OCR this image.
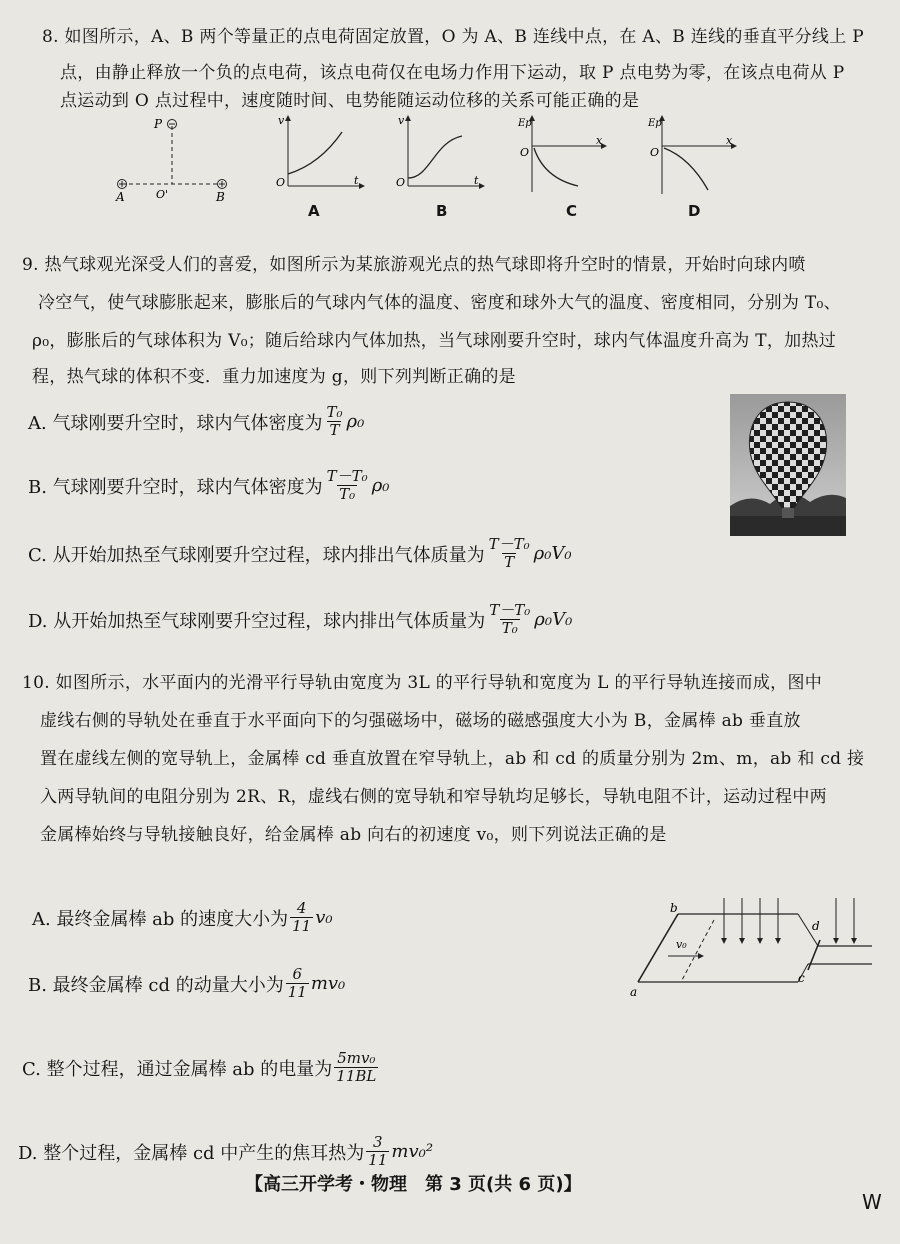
8. 如图所示，A、B 两个等量正的点电荷固定放置，O 为 A、B 连线中点，在 A、B 连线的垂直平分线上 P
点，由静止释放一个负的点电荷，该点电荷仅在电场力作用下运动，取 P 点电势为零，在该点电荷从 P
点运动到 O 点过程中，速度随时间、电势能随运动位移的关系可能正确的是
P
A	B
O'
v
O	t
v
O	t
Ep
O
x
Ep
O
x
A	B	C	D
9. 热气球观光深受人们的喜爱，如图所示为某旅游观光点的热气球即将升空时的情景，开始时向球内喷
冷空气，使气球膨胀起来，膨胀后的气球内气体的温度、密度和球外大气的温度、密度相同，分别为 T₀、
ρ₀，膨胀后的气球体积为 V₀；随后给球内气体加热，当气球刚要升空时，球内气体温度升高为 T，加热过
程，热气球的体积不变．重力加速度为 g，则下列判断正确的是
A. 气球刚要升空时，球内气体密度为 $\frac{\text{T₀}}{T} \rho_0$
B. 气球刚要升空时，球内气体密度为 $\frac{\text{T－T₀}}{\text{T₀}} \rho_0$
C. 从开始加热至气球刚要升空过程，球内排出气体质量为 $\frac{\text{T－T₀}}{T} \rho_0V_0$
D. 从开始加热至气球刚要升空过程，球内排出气体质量为 $\frac{\text{T－T₀}}{\text{T₀}} \rho_0V_0$
10. 如图所示，水平面内的光滑平行导轨由宽度为 3L 的平行导轨和宽度为 L 的平行导轨连接而成，图中
虚线右侧的导轨处在垂直于水平面向下的匀强磁场中，磁场的磁感强度大小为 B，金属棒 ab 垂直放
置在虚线左侧的宽导轨上，金属棒 cd 垂直放置在窄导轨上，ab 和 cd 的质量分别为 2m、m，ab 和 cd 接
入两导轨间的电阻分别为 2R、R，虚线右侧的宽导轨和窄导轨均足够长，导轨电阻不计，运动过程中两
金属棒始终与导轨接触良好，给金属棒 ab 向右的初速度 v₀，则下列说法正确的是
A. 最终金属棒 ab 的速度大小为 $\frac{4}{11} v_0$
B. 最终金属棒 cd 的动量大小为 $\frac{6}{11} mv_0$
C. 整个过程，通过金属棒 ab 的电量为 $\frac{\text{5mv₀}}{11BL}$
D. 整个过程，金属棒 cd 中产生的焦耳热为 $\frac{3}{11} mv_0^2$
b
a
d
c
v₀
【高三开学考・物理　第 3 页(共 6 页)】
W
